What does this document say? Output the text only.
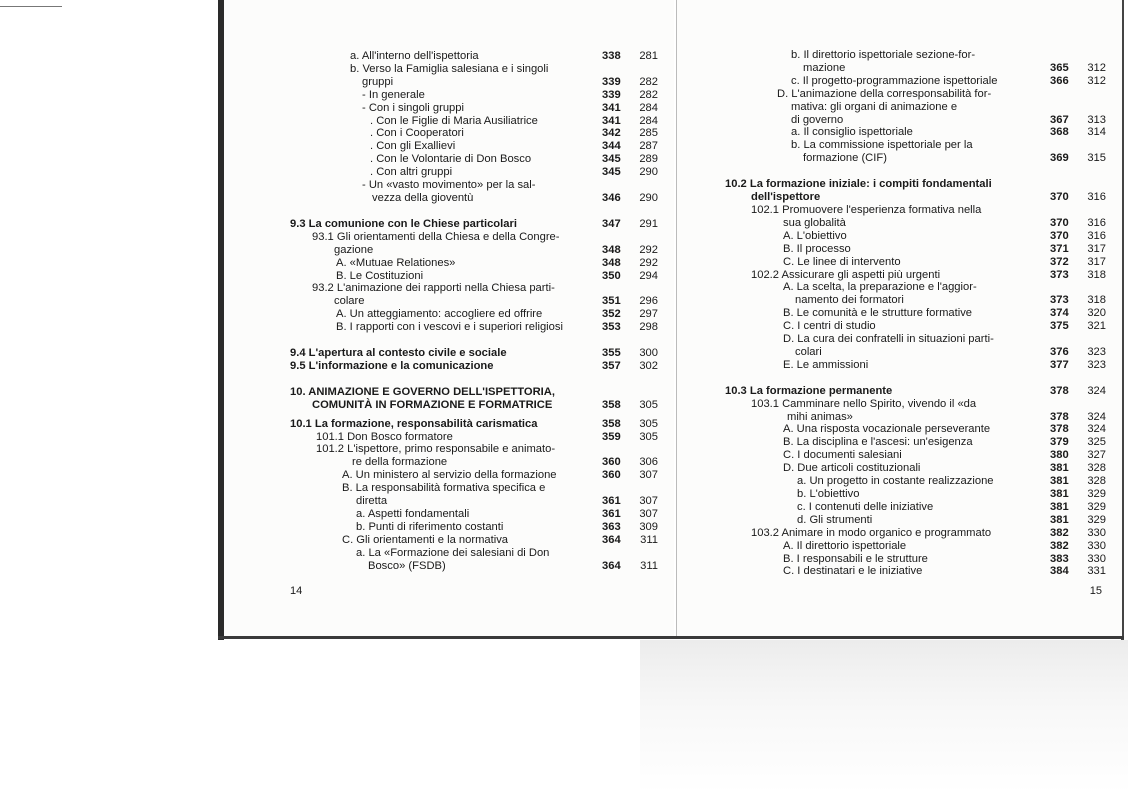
a. All'interno dell'ispettoria	338	281
b. Verso la Famiglia salesiana e i singoli
gruppi	339	282
- In generale	339	282
- Con i singoli gruppi	341	284
. Con le Figlie di Maria Ausiliatrice	341	284
. Con i Cooperatori	342	285
. Con gli Exallievi	344	287
. Con le Volontarie di Don Bosco	345	289
. Con altri gruppi	345	290
- Un «vasto movimento» per la sal-
vezza della gioventù	346	290
9.3 La comunione con le Chiese particolari	347	291
93.1 Gli orientamenti della Chiesa e della Congre-
gazione	348	292
A. «Mutuae Relationes»	348	292
B. Le Costituzioni	350	294
93.2 L'animazione dei rapporti nella Chiesa parti-
colare	351	296
A. Un atteggiamento: accogliere ed offrire	352	297
B. I rapporti con i vescovi e i superiori religiosi	353	298
9.4 L'apertura al contesto civile e sociale	355	300
9.5 L'informazione e la comunicazione	357	302
10. ANIMAZIONE E GOVERNO DELL'ISPETTORIA,
COMUNITÀ IN FORMAZIONE E FORMATRICE	358	305
10.1 La formazione, responsabilità carismatica	358	305
101.1 Don Bosco formatore	359	305
101.2 L'ispettore, primo responsabile e animato-
re della formazione	360	306
A. Un ministero al servizio della formazione	360	307
B. La responsabilità formativa specifica e
diretta	361	307
a. Aspetti fondamentali	361	307
b. Punti di riferimento costanti	363	309
C. Gli orientamenti e la normativa	364	311
a. La «Formazione dei salesiani di Don
Bosco» (FSDB)	364	311
14
b. Il direttorio ispettoriale sezione-for-
mazione	365	312
c. Il progetto-programmazione ispettoriale	366	312
D. L'animazione della corresponsabilità for-
mativa: gli organi di animazione e
di governo	367	313
a. Il consiglio ispettoriale	368	314
b. La commissione ispettoriale per la
formazione (CIF)	369	315
10.2 La formazione iniziale: i compiti fondamentali
dell'ispettore	370	316
102.1 Promuovere l'esperienza formativa nella
sua globalità	370	316
A. L'obiettivo	370	316
B. Il processo	371	317
C. Le linee di intervento	372	317
102.2 Assicurare gli aspetti più urgenti	373	318
A. La scelta, la preparazione e l'aggior-
namento dei formatori	373	318
B. Le comunità e le strutture formative	374	320
C. I centri di studio	375	321
D. La cura dei confratelli in situazioni parti-
colari	376	323
E. Le ammissioni	377	323
10.3 La formazione permanente	378	324
103.1 Camminare nello Spirito, vivendo il «da
mihi animas»	378	324
A. Una risposta vocazionale perseverante	378	324
B. La disciplina e l'ascesi: un'esigenza	379	325
C. I documenti salesiani	380	327
D. Due articoli costituzionali	381	328
a. Un progetto in costante realizzazione	381	328
b. L'obiettivo	381	329
c. I contenuti delle iniziative	381	329
d. Gli strumenti	381	329
103.2 Animare in modo organico e programmato	382	330
A. Il direttorio ispettoriale	382	330
B. I responsabili e le strutture	383	330
C. I destinatari e le iniziative	384	331
15
